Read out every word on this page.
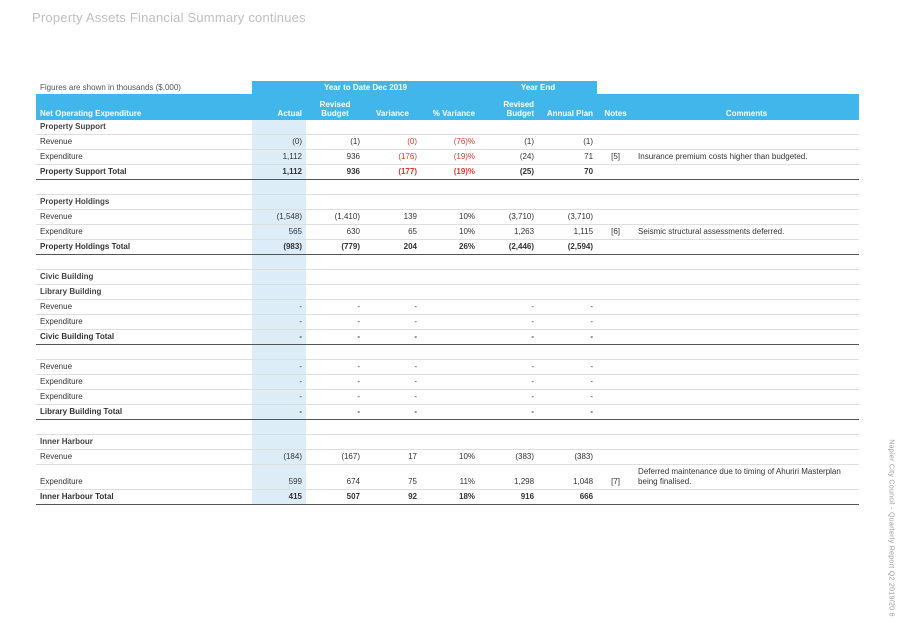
Property Assets Financial Summary continues
Napier City Council - Quarterly Report Q2 2019/20 6
Figures are shown in thousands ($,000)	Year to Date Dec 2019				Year End			
Net Operating Expenditure	Actual	Revised Budget	Variance	% Variance	Revised Budget	Annual Plan	Notes	Comments
Property Support								
Revenue	(0)	(1)	(0)	(76)%	(1)	(1)		
Expenditure	1,112	936	(176)	(19)%	(24)	71	[5]	Insurance premium costs higher than budgeted.
Property Support Total	1,112	936	(177)	(19)%	(25)	70		

Property Holdings								
Revenue	(1,548)	(1,410)	139	10%	(3,710)	(3,710)		
Expenditure	565	630	65	10%	1,263	1,115	[6]	Seismic structural assessments deferred.
Property Holdings Total	(983)	(779)	204	26%	(2,446)	(2,594)		

Civic Building								
Library Building								
Revenue	-	-	-		-	-		
Expenditure	-	-	-		-	-		
Civic Building Total	-	-	-		-	-		

Revenue	-	-	-		-	-		
Expenditure	-	-	-		-	-		
Expenditure	-	-	-		-	-		
Library Building Total	-	-	-		-	-		

Inner Harbour								
Revenue	(184)	(167)	17	10%	(383)	(383)		
Expenditure	599	674	75	11%	1,298	1,048	[7]	Deferred maintenance due to timing of Ahuriri Masterplan being finalised.
Inner Harbour Total	415	507	92	18%	916	666		
